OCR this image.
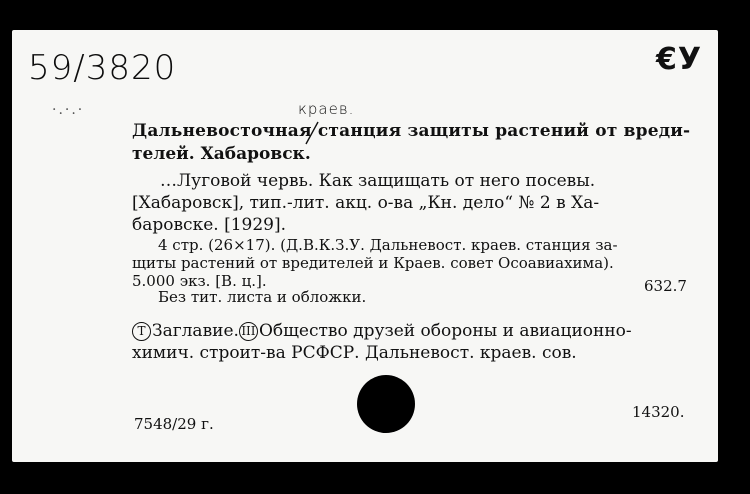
59/3820	€У
·.·.·	краев.
Дальневосточная станция защиты растений от вреди-
телей. Хабаровск.
…Луговой червь. Как защищать от него посевы.
[Хабаровск], тип.-лит. акц. о-ва „Кн. дело“ № 2 в Ха-
баровске. [1929].
4 стр. (26×17). (Д.В.К.З.У. Дальневост. краев. станция за-
щиты растений от вредителей и Краев. совет Осоавиахима).
5.000 экз. [В. ц.].
Без тит. листа и обложки.
632.7
Т Заглавие. III Общество друзей обороны и авиационно-
химич. строит-ва РСФСР. Дальневост. краев. сов.
7548/29 г.
14320.
